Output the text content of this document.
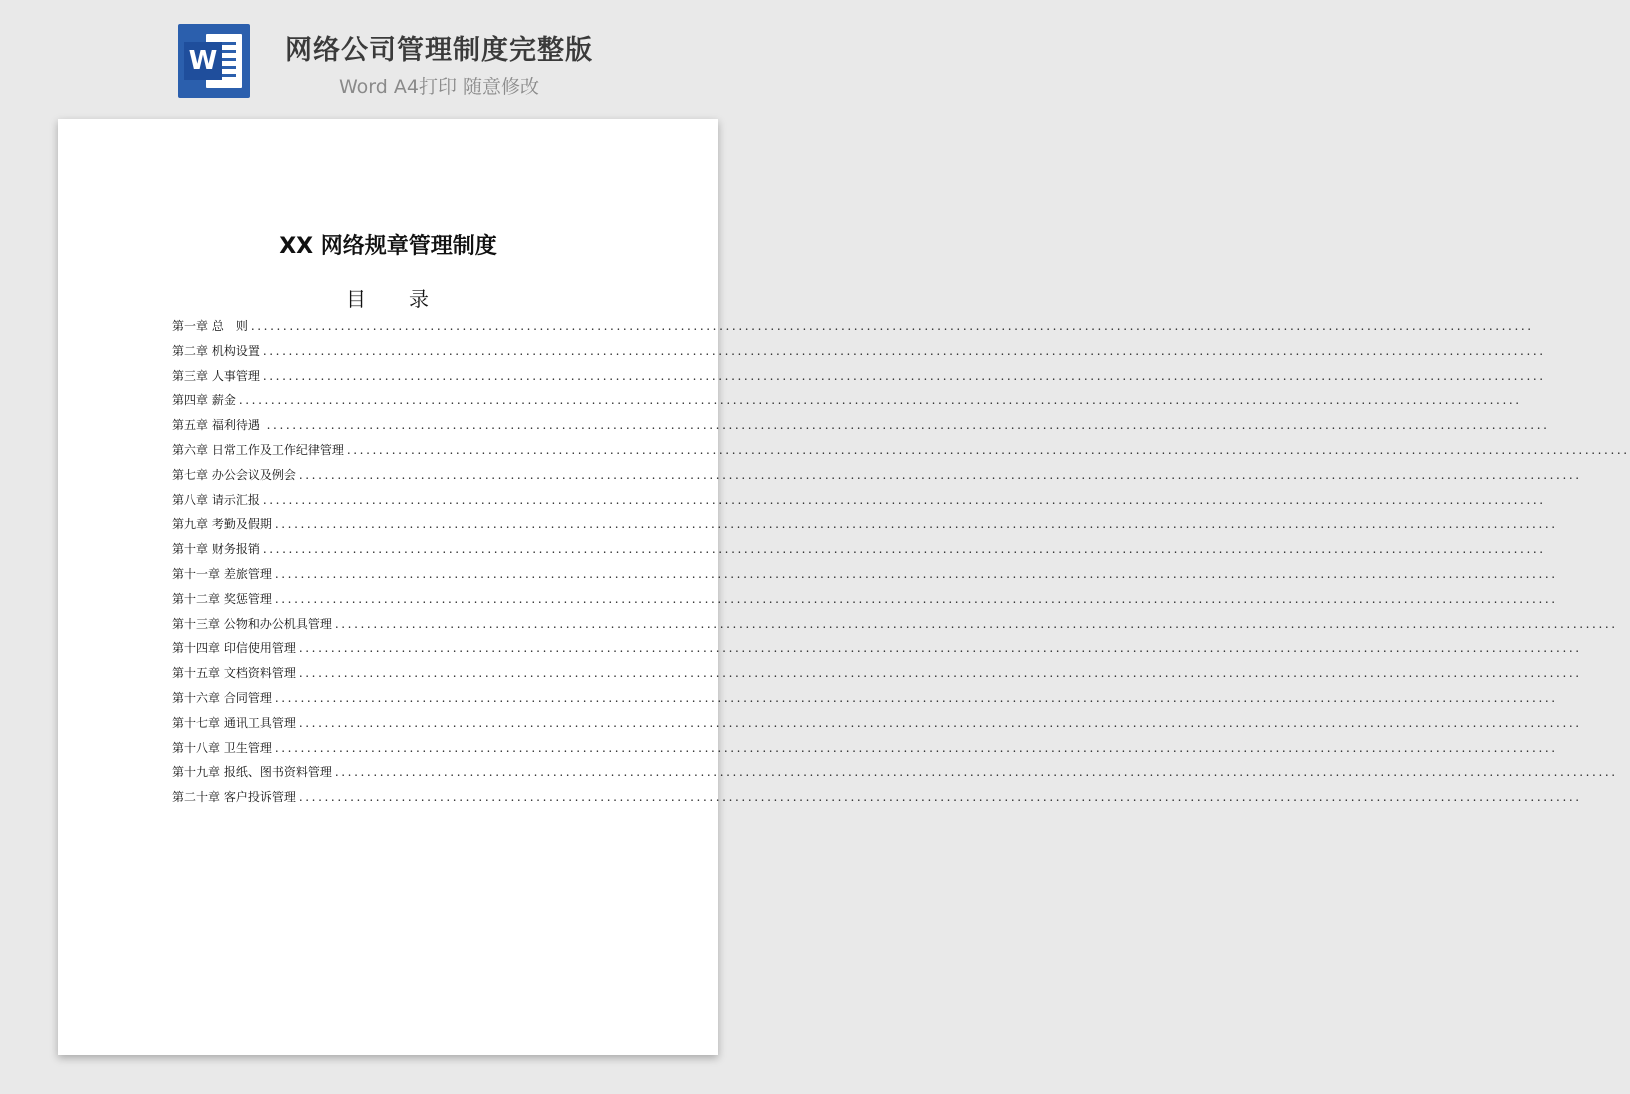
W	网络公司管理制度完整版
Word A4打印 随意修改
XX 网络规章管理制度
目　　录
第一章 总　则 ........................................................................................................................................................................................................
第二章 机构设置 ........................................................................................................................................................................................................
第三章 人事管理 ........................................................................................................................................................................................................
第四章 薪金 ........................................................................................................................................................................................................
第五章 福利待遇 ........................................................................................................................................................................................................
第六章 日常工作及工作纪律管理 ........................................................................................................................................................................................................
第七章 办公会议及例会 ........................................................................................................................................................................................................
第八章 请示汇报 ........................................................................................................................................................................................................
第九章 考勤及假期 ........................................................................................................................................................................................................
第十章 财务报销 ........................................................................................................................................................................................................
第十一章 差旅管理 ........................................................................................................................................................................................................
第十二章 奖惩管理 ........................................................................................................................................................................................................
第十三章 公物和办公机具管理 ........................................................................................................................................................................................................
第十四章 印信使用管理 ........................................................................................................................................................................................................
第十五章 文档资料管理 ........................................................................................................................................................................................................
第十六章 合同管理 ........................................................................................................................................................................................................
第十七章 通讯工具管理 ........................................................................................................................................................................................................
第十八章 卫生管理 ........................................................................................................................................................................................................
第十九章 报纸、图书资料管理 ........................................................................................................................................................................................................
第二十章 客户投诉管理 ........................................................................................................................................................................................................
